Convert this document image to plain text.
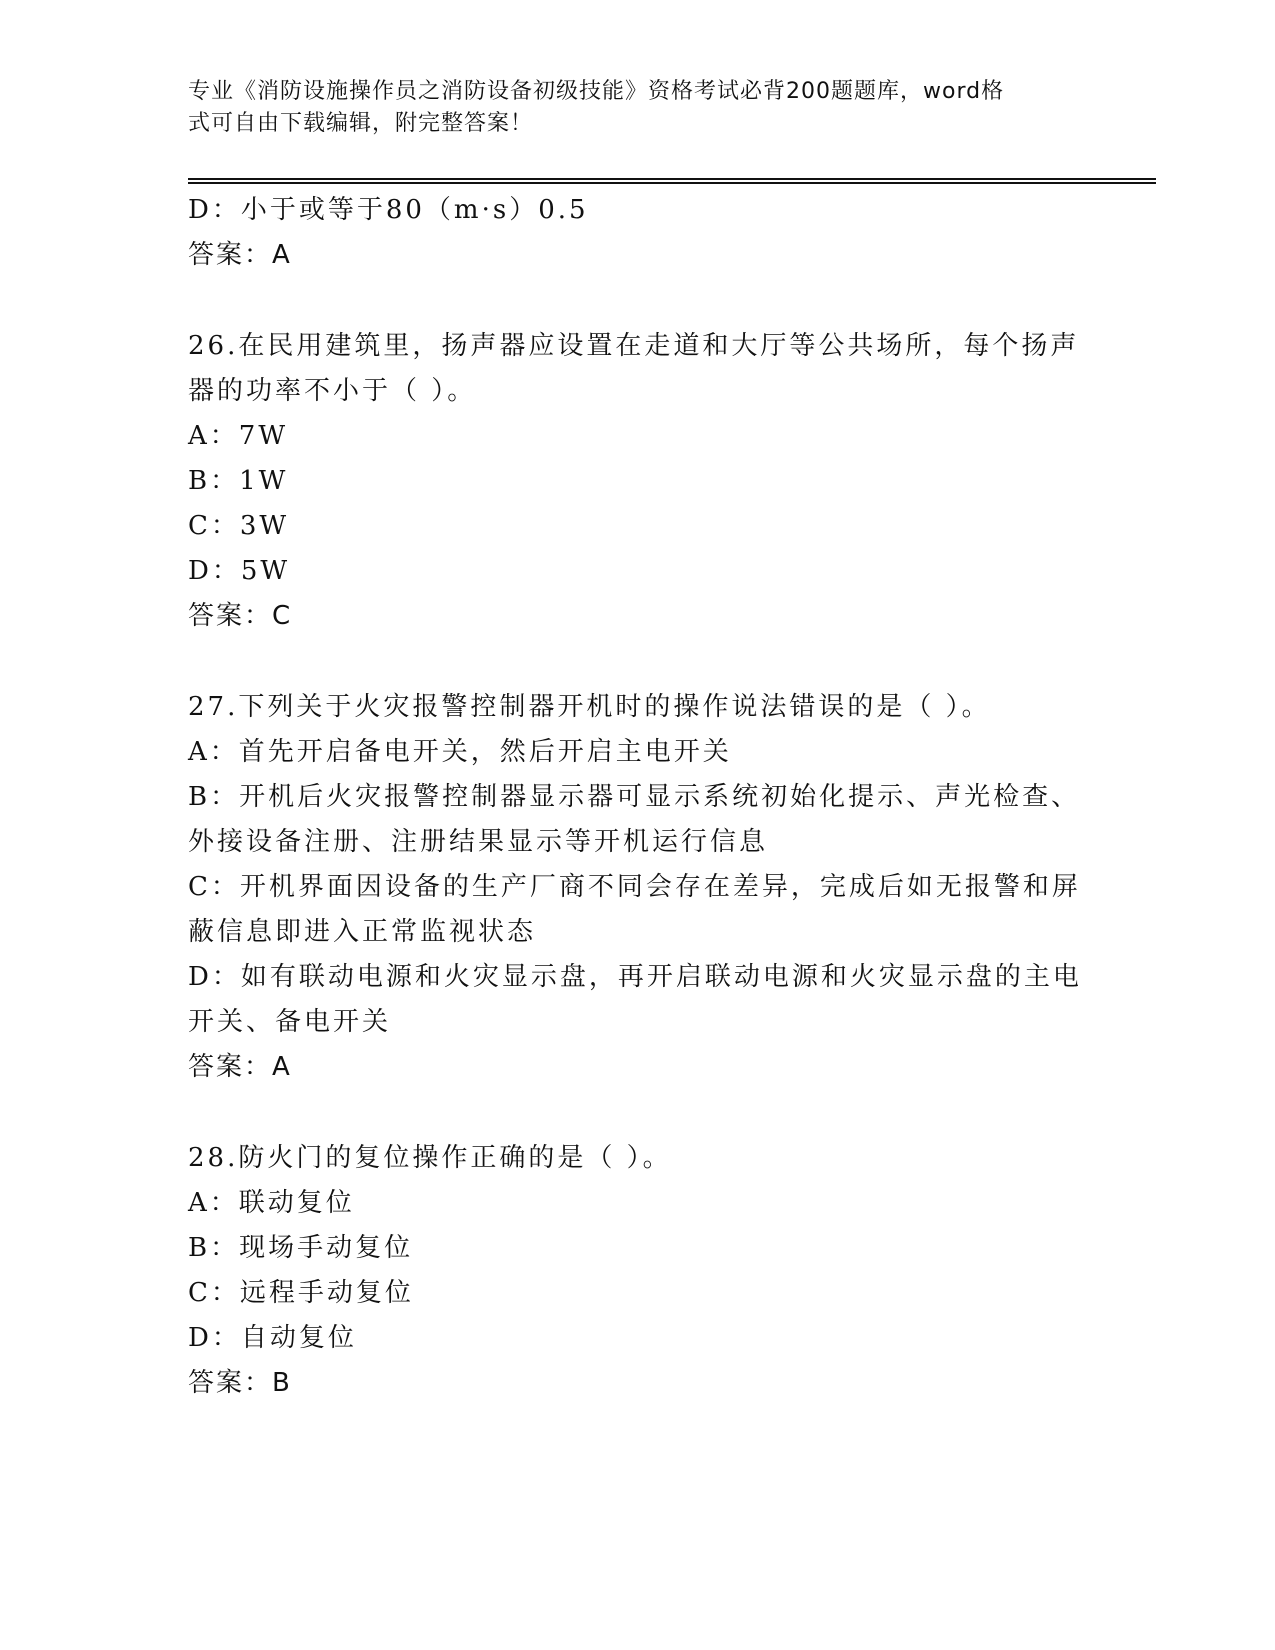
专业《消防设施操作员之消防设备初级技能》资格考试必背200题题库，word格
式可自由下载编辑，附完整答案！
D：小于或等于80（m·s）0.5
答案：A
26.在民用建筑里，扬声器应设置在走道和大厅等公共场所，每个扬声
器的功率不小于（ ）。
A：7W
B：1W
C：3W
D：5W
答案：C
27.下列关于火灾报警控制器开机时的操作说法错误的是（ ）。
A：首先开启备电开关，然后开启主电开关
B：开机后火灾报警控制器显示器可显示系统初始化提示、声光检查、
外接设备注册、注册结果显示等开机运行信息
C：开机界面因设备的生产厂商不同会存在差异，完成后如无报警和屏
蔽信息即进入正常监视状态
D：如有联动电源和火灾显示盘，再开启联动电源和火灾显示盘的主电
开关、备电开关
答案：A
28.防火门的复位操作正确的是（ ）。
A：联动复位
B：现场手动复位
C：远程手动复位
D：自动复位
答案：B
